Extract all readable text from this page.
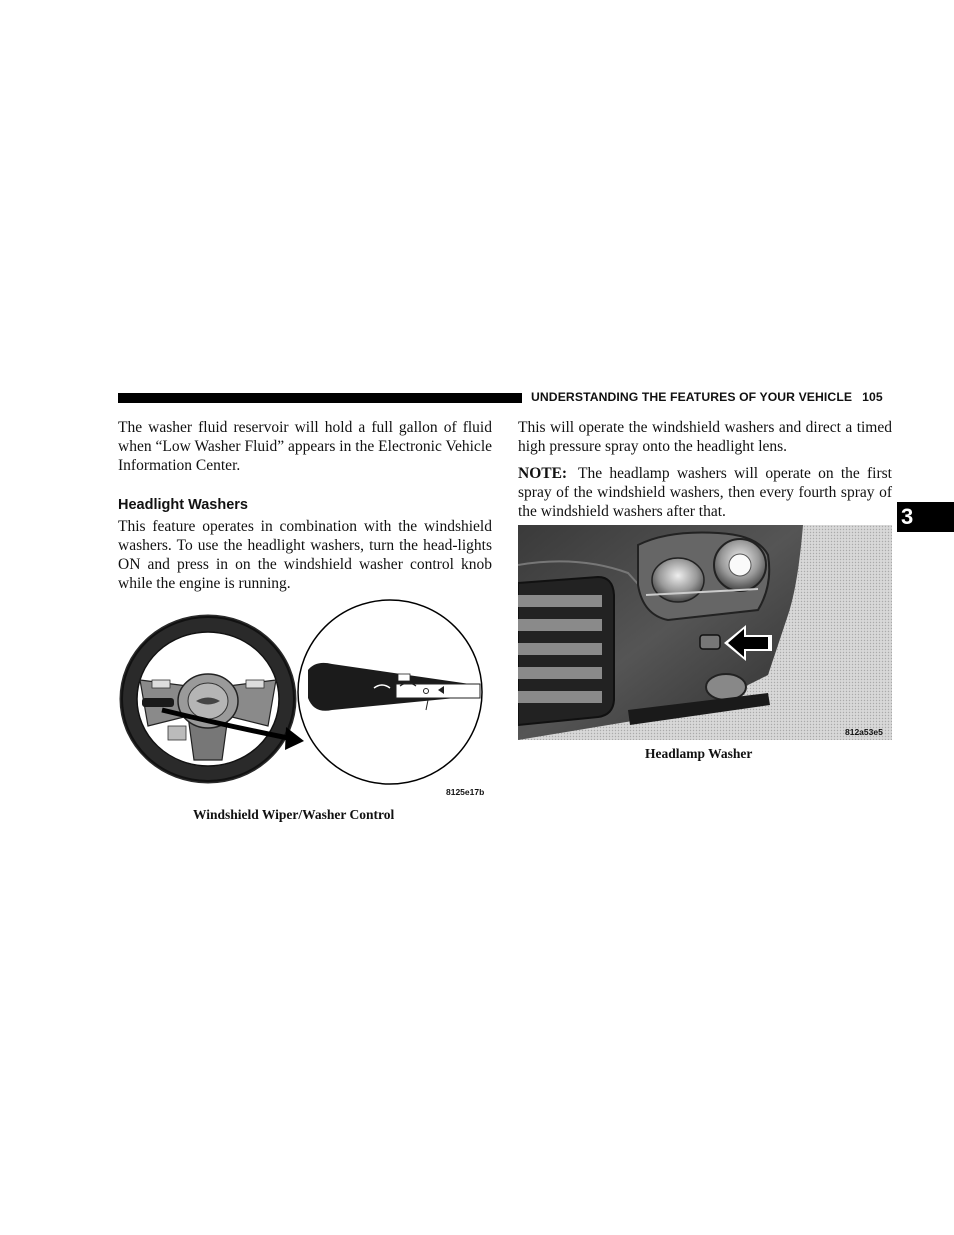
UNDERSTANDING THE FEATURES OF YOUR VEHICLE 105
3

The washer fluid reservoir will hold a full gallon of fluid when “Low Washer Fluid” appears in the Electronic Vehicle Information Center.

Headlight Washers

This feature operates in combination with the windshield washers. To use the headlight washers, turn the head-lights ON and press in on the windshield washer control knob while the engine is running.

This will operate the windshield washers and direct a timed high pressure spray onto the headlight lens.

NOTE: The headlamp washers will operate on the first spray of the windshield washers, then every fourth spray of the windshield washers after that.

8125e17b
Windshield Wiper/Washer Control
812a53e5
Headlamp Washer
